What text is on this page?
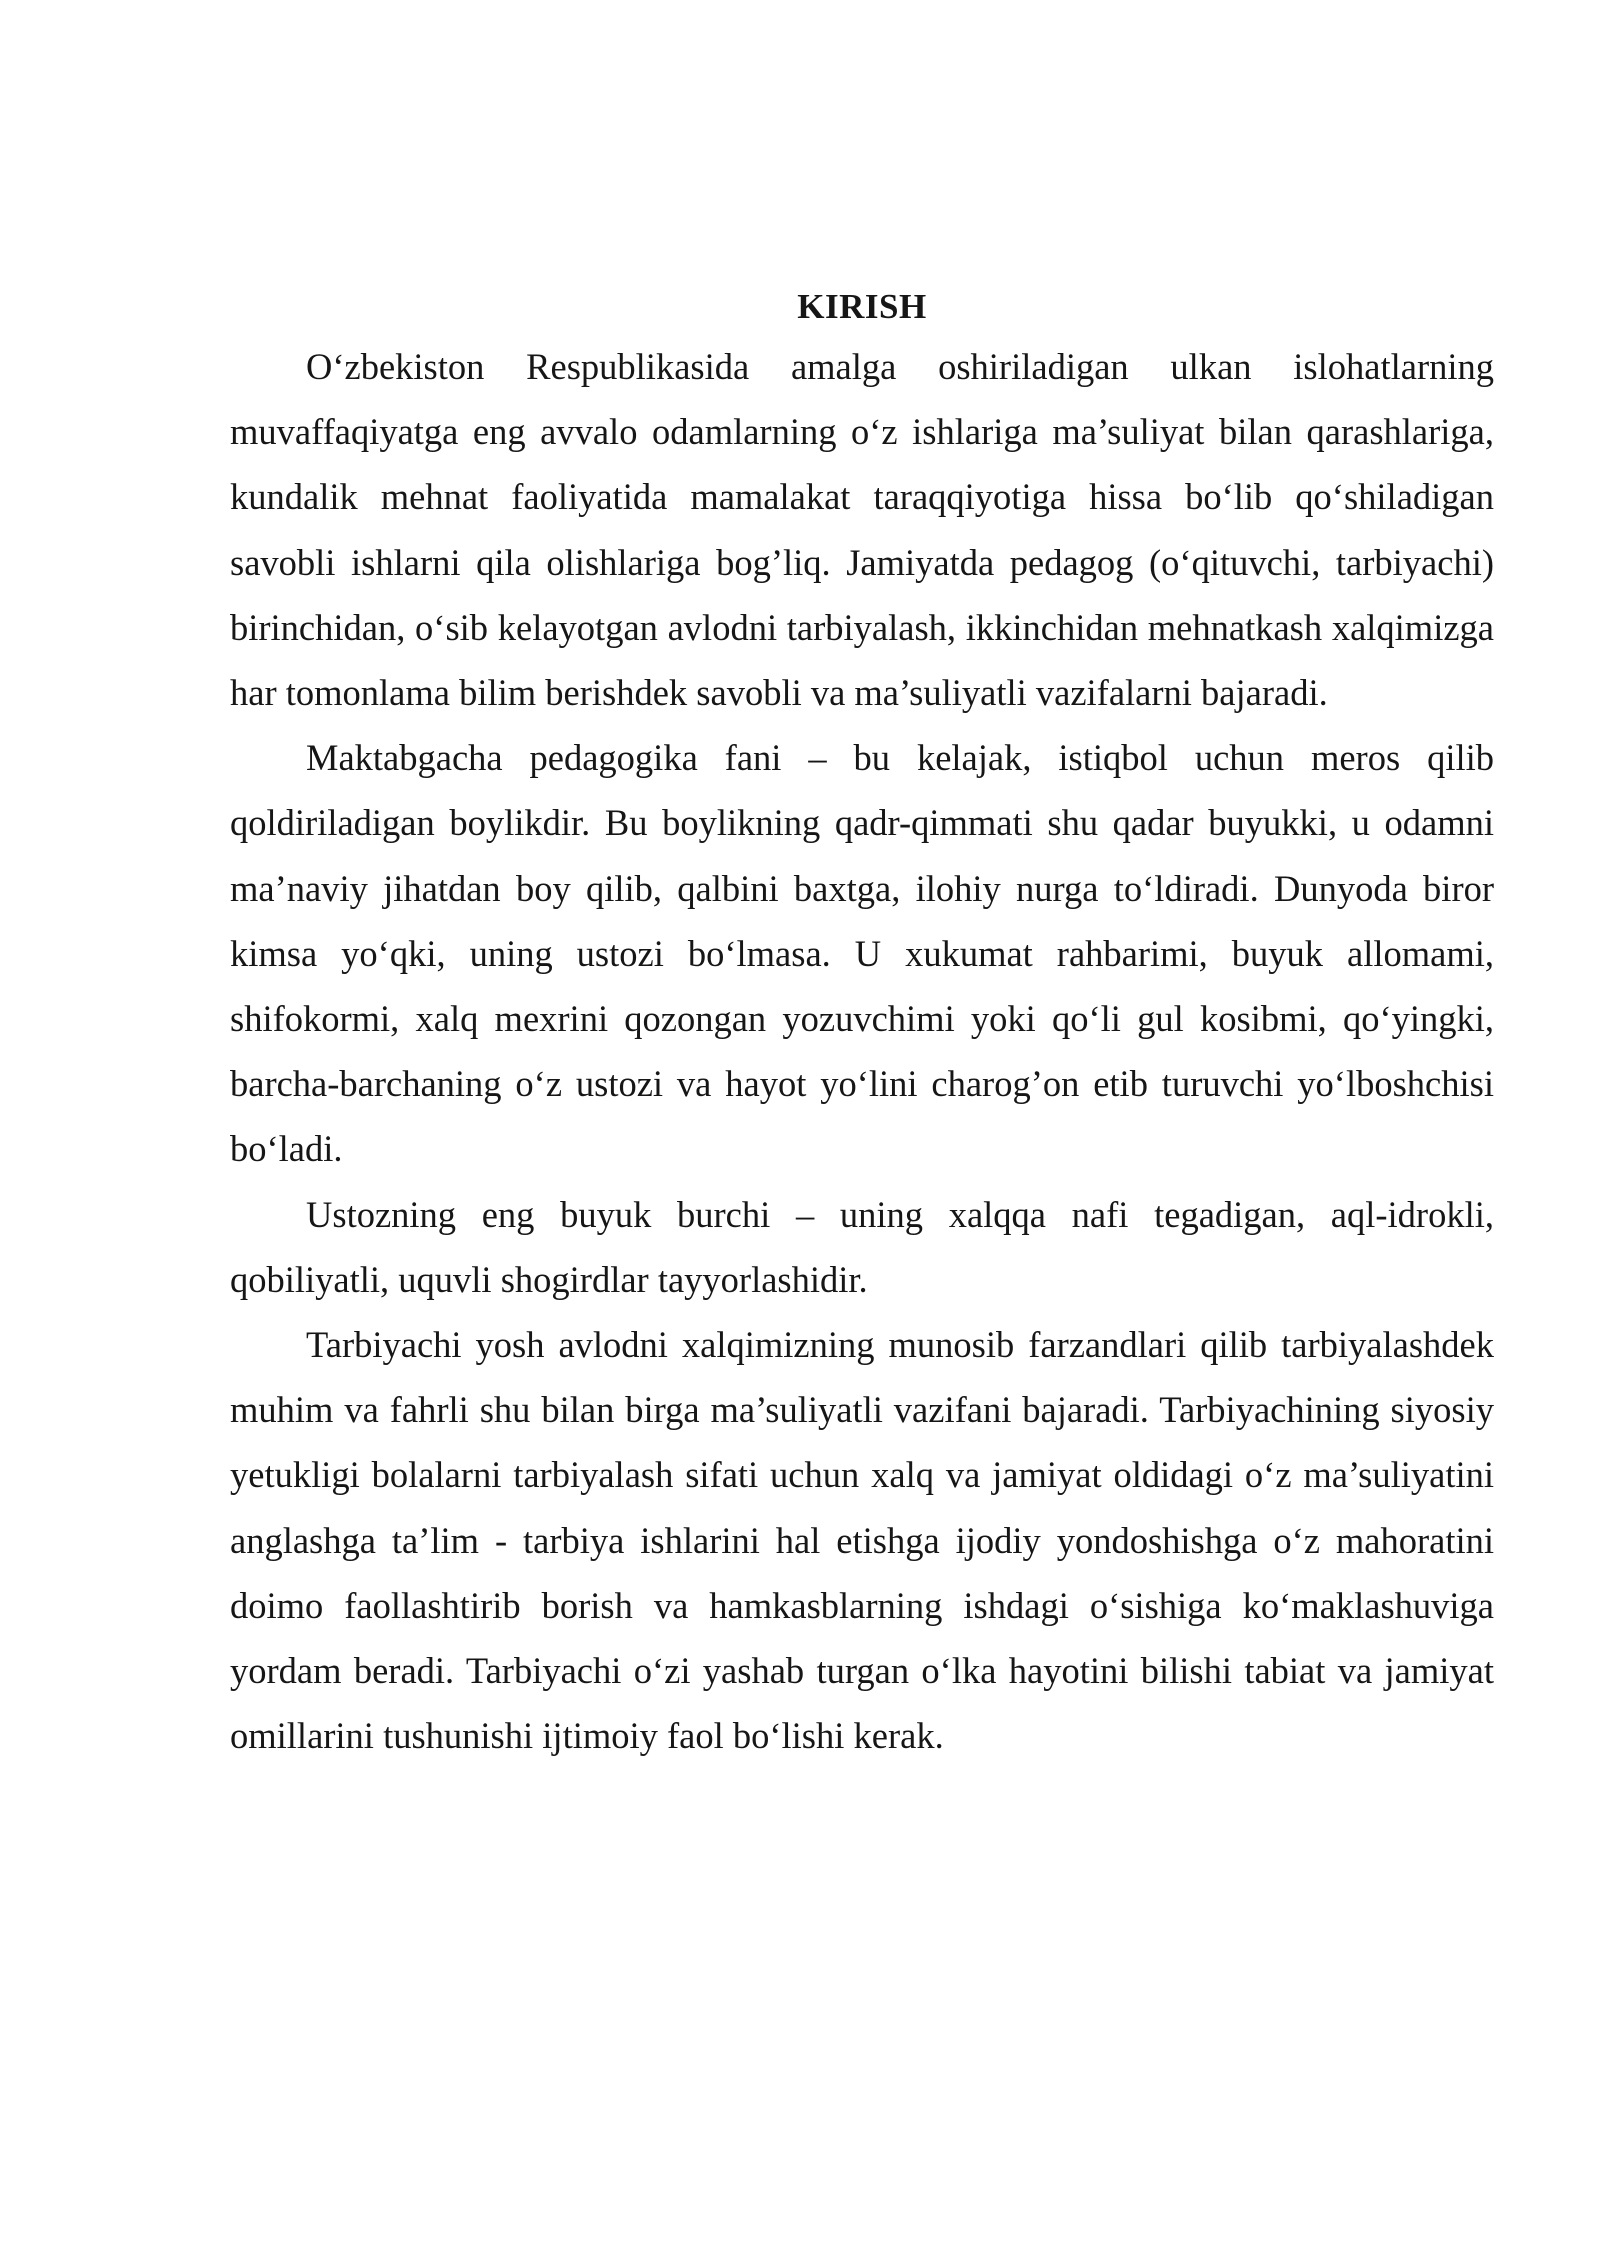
KIRISH

O‘zbekiston Respublikasida amalga oshiriladigan ulkan islohatlarning muvaffaqiyatga eng avvalo odamlarning o‘z ishlariga ma’suliyat bilan qarashlariga, kundalik mehnat faoliyatida mamalakat taraqqiyotiga hissa bo‘lib qo‘shiladigan savobli ishlarni qila olishlariga bog’liq. Jamiyatda pedagog (o‘qituvchi, tarbiyachi) birinchidan, o‘sib kelayotgan avlodni tarbiyalash, ikkinchidan mehnatkash xalqimizga har tomonlama bilim berishdek savobli va ma’suliyatli vazifalarni bajaradi.

Maktabgacha pedagogika fani – bu kelajak, istiqbol uchun meros qilib qoldiriladigan boylikdir. Bu boylikning qadr-qimmati shu qadar buyukki, u odamni ma’naviy jihatdan boy qilib, qalbini baxtga, ilohiy nurga to‘ldiradi. Dunyoda biror kimsa yo‘qki, uning ustozi bo‘lmasa. U xukumat rahbarimi, buyuk allomami, shifokormi, xalq mexrini qozongan yozuvchimi yoki qo‘li gul kosibmi, qo‘yingki, barcha-barchaning o‘z ustozi va hayot yo‘lini charog’on etib turuvchi yo‘lboshchisi bo‘ladi.

Ustozning eng buyuk burchi – uning xalqqa nafi tegadigan, aql-idrokli, qobiliyatli, uquvli shogirdlar tayyorlashidir.

Tarbiyachi yosh avlodni xalqimizning munosib farzandlari qilib tarbiyalashdek muhim va fahrli shu bilan birga ma’suliyatli vazifani bajaradi. Tarbiyachining siyosiy yetukligi bolalarni tarbiyalash sifati uchun xalq va jamiyat oldidagi o‘z ma’suliyatini anglashga ta’lim - tarbiya ishlarini hal etishga ijodiy yondoshishga o‘z mahoratini doimo faollashtirib borish va hamkasblarning ishdagi o‘sishiga ko‘maklashuviga yordam beradi. Tarbiyachi o‘zi yashab turgan o‘lka hayotini bilishi tabiat va jamiyat omillarini tushunishi ijtimoiy faol bo‘lishi kerak.
